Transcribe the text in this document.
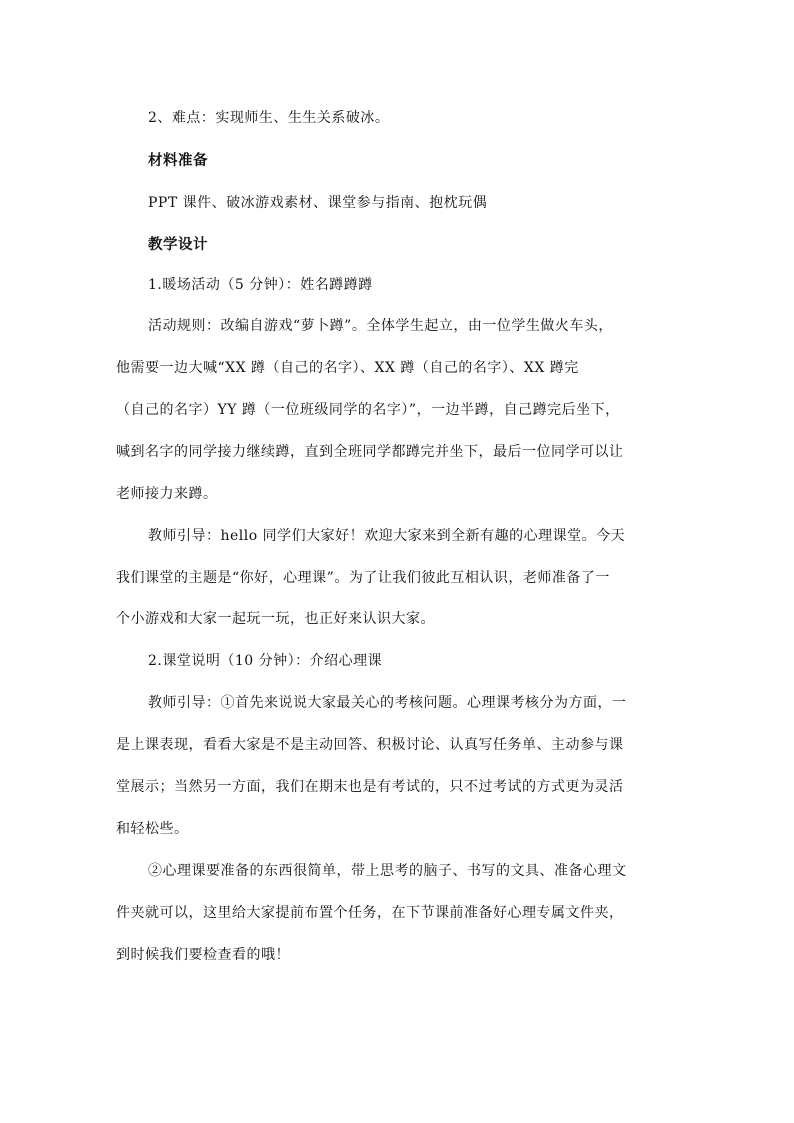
2、难点：实现师生、生生关系破冰。
材料准备
PPT 课件、破冰游戏素材、课堂参与指南、抱枕玩偶
教学设计
1.暖场活动（5 分钟）：姓名蹲蹲蹲
活动规则：改编自游戏“萝卜蹲”。全体学生起立，由一位学生做火车头，
他需要一边大喊“XX 蹲（自己的名字）、XX 蹲（自己的名字）、XX 蹲完
（自己的名字）YY 蹲（一位班级同学的名字）”，一边半蹲，自己蹲完后坐下，
喊到名字的同学接力继续蹲，直到全班同学都蹲完并坐下，最后一位同学可以让
老师接力来蹲。
教师引导：hello 同学们大家好！欢迎大家来到全新有趣的心理课堂。今天
我们课堂的主题是“你好，心理课”。为了让我们彼此互相认识，老师准备了一
个小游戏和大家一起玩一玩，也正好来认识大家。
2.课堂说明（10 分钟）：介绍心理课
教师引导：①首先来说说大家最关心的考核问题。心理课考核分为方面，一
是上课表现，看看大家是不是主动回答、积极讨论、认真写任务单、主动参与课
堂展示；当然另一方面，我们在期末也是有考试的，只不过考试的方式更为灵活
和轻松些。
②心理课要准备的东西很简单，带上思考的脑子、书写的文具、准备心理文
件夹就可以，这里给大家提前布置个任务，在下节课前准备好心理专属文件夹，
到时候我们要检查看的哦！
